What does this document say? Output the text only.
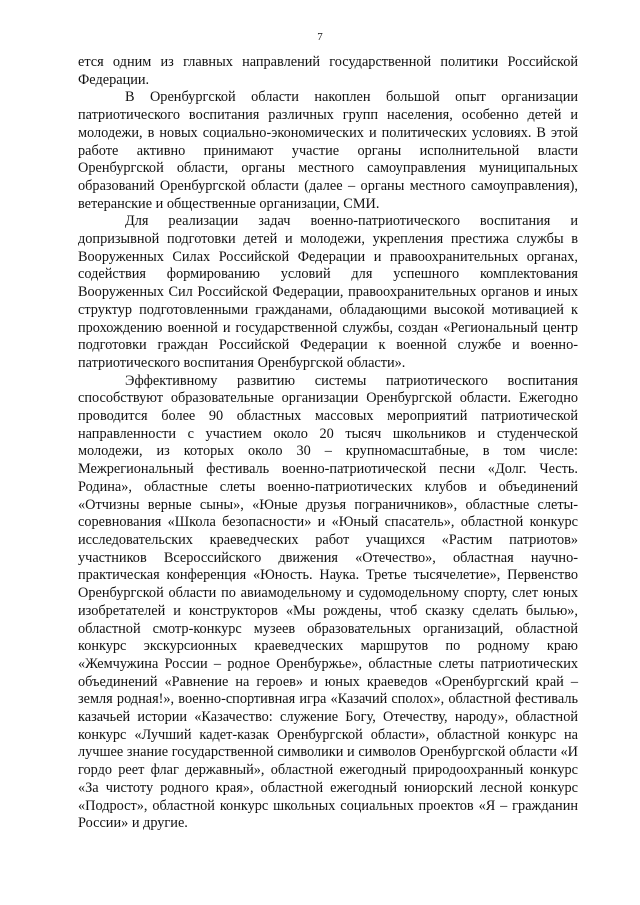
7

ется одним из главных направлений государственной политики Российской Федерации.

В Оренбургской области накоплен большой опыт организации патриотического воспитания различных групп населения, особенно детей и молодежи, в новых социально-экономических и политических условиях. В этой работе активно принимают участие органы исполнительной власти Оренбургской области, органы местного самоуправления муниципальных образований Оренбургской области (далее – органы местного самоуправления), ветеранские и общественные организации, СМИ.

Для реализации задач военно-патриотического воспитания и допризывной подготовки детей и молодежи, укрепления престижа службы в Вооруженных Силах Российской Федерации и правоохранительных органах, содействия формированию условий для успешного комплектования Вооруженных Сил Российской Федерации, правоохранительных органов и иных структур подготовленными гражданами, обладающими высокой мотивацией к прохождению военной и государственной службы, создан «Региональный центр подготовки граждан Российской Федерации к военной службе и военно-патриотического воспитания Оренбургской области».

Эффективному развитию системы патриотического воспитания способствуют образовательные организации Оренбургской области. Ежегодно проводится более 90 областных массовых мероприятий патриотической направленности с участием около 20 тысяч школьников и студенческой молодежи, из которых около 30 – крупномасштабные, в том числе: Межрегиональный фестиваль военно-патриотической песни «Долг. Честь. Родина», областные слеты военно-патриотических клубов и объединений «Отчизны верные сыны», «Юные друзья пограничников», областные слеты-соревнования «Школа безопасности» и «Юный спасатель», областной конкурс исследовательских краеведческих работ учащихся «Растим патриотов» участников Всероссийского движения «Отечество», областная научно-практическая конференция «Юность. Наука. Третье тысячелетие», Первенство Оренбургской области по авиамодельному и судомодельному спорту, слет юных изобретателей и конструкторов «Мы рождены, чтоб сказку сделать былью», областной смотр-конкурс музеев образовательных организаций, областной конкурс экскурсионных краеведческих маршрутов по родному краю «Жемчужина России – родное Оренбуржье», областные слеты патриотических объединений «Равнение на героев» и юных краеведов «Оренбургский край – земля родная!», военно-спортивная игра «Казачий сполох», областной фестиваль казачьей истории «Казачество: служение Богу, Отечеству, народу», областной конкурс «Лучший кадет-казак Оренбургской области», областной конкурс на лучшее знание государственной символики и символов Оренбургской области «И гордо реет флаг державный», областной ежегодный природоохранный конкурс «За чистоту родного края», областной ежегодный юниорский лесной конкурс «Подрост», областной конкурс школьных социальных проектов «Я – гражданин России» и другие.
